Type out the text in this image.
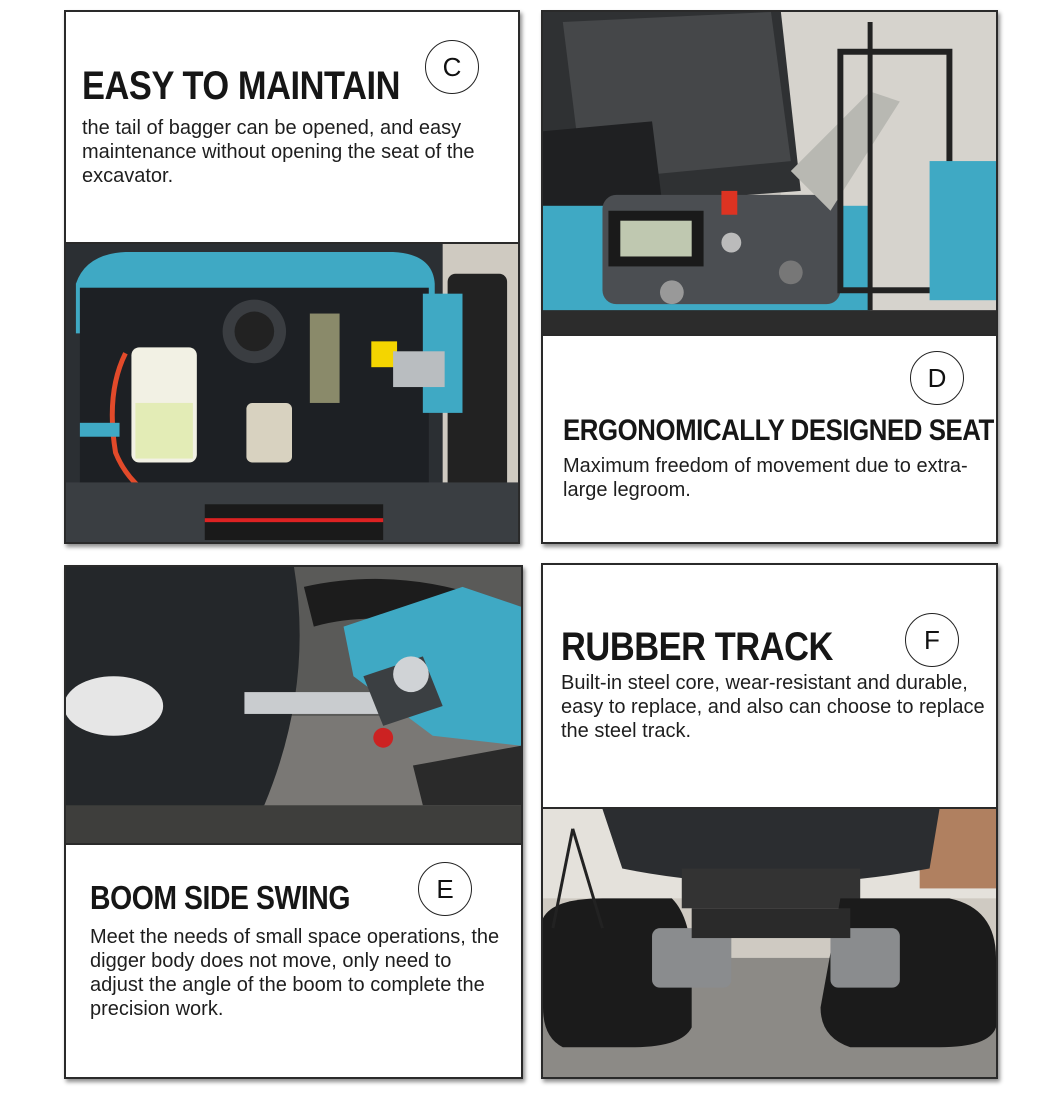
C
EASY TO MAINTAIN

the tail of bagger can be opened, and easy maintenance without opening the seat of the excavator.

D
ERGONOMICALLY DESIGNED SEAT

Maximum freedom of movement due to extra-large legroom.

E
BOOM SIDE SWING

Meet the needs of small space operations, the digger body does not move, only need to adjust the angle of the boom to complete the precision work.

F
RUBBER TRACK

Built-in steel core, wear-resistant and durable, easy to replace, and also can choose to replace the steel track.
